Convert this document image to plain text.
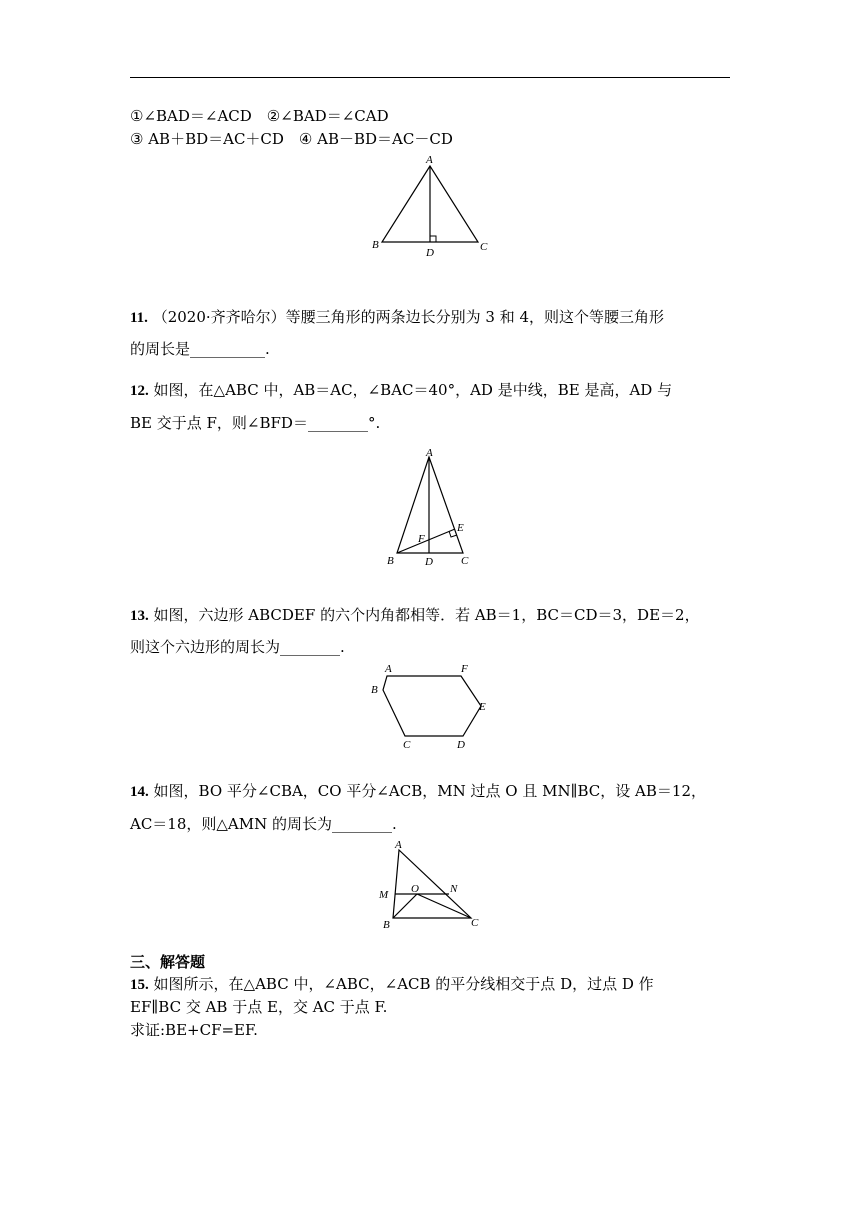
①∠BAD＝∠ACD　②∠BAD＝∠CAD
③ AB＋BD＝AC＋CD　④ AB－BD＝AC－CD
A
B	C
D
11. （2020·齐齐哈尔）等腰三角形的两条边长分别为 3 和 4，则这个等腰三角形
的周长是__________.
12. 如图，在△ABC 中，AB＝AC，∠BAC＝40°，AD 是中线，BE 是高，AD 与
BE 交于点 F，则∠BFD＝________°.
A
B	C
D
E
F
13. 如图，六边形 ABCDEF 的六个内角都相等．若 AB＝1，BC＝CD＝3，DE＝2，
则这个六边形的周长为________.
A
B
C	D
E
F
14. 如图，BO 平分∠CBA，CO 平分∠ACB，MN 过点 O 且 MN∥BC，设 AB＝12，
AC＝18，则△AMN 的周长为________.
A
B	C
M	N
O
三、解答题
15. 如图所示，在△ABC 中，∠ABC，∠ACB 的平分线相交于点 D，过点 D 作
EF∥BC 交 AB 于点 E，交 AC 于点 F.
求证:BE+CF=EF.
